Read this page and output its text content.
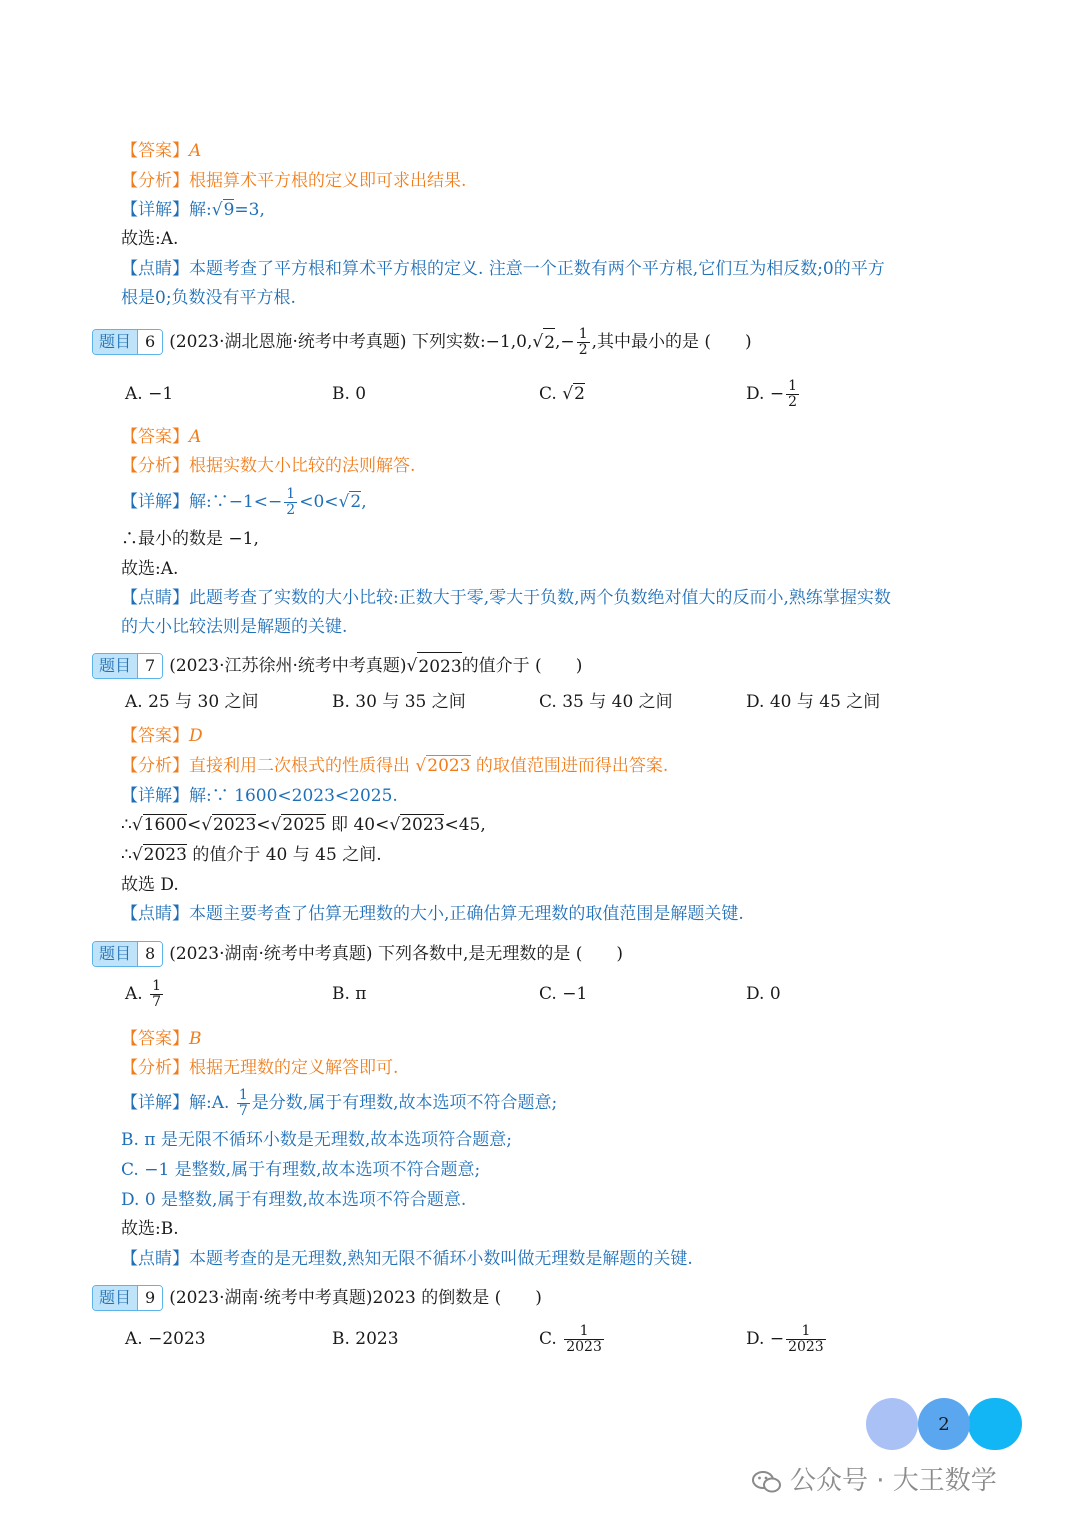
【答案】A
【分析】根据算术平方根的定义即可求出结果.
【详解】解:√9=3,
故选:A.
【点睛】本题考查了平方根和算术平方根的定义. 注意一个正数有两个平方根,它们互为相反数;0的平方
根是0;负数没有平方根.
题目 6 (2023·湖北恩施·统考中考真题) 下列实数:−1,0, √ 2 ,− $\frac{1}{2}$ ,其中最小的是 (　　)
A. −1	B. 0	C. √2	D. − $\frac{1}{2}$
【答案】A
【分析】根据实数大小比较的法则解答.
【详解】解:∵−1<− $\frac{1}{2} <0<√2$,
∴最小的数是 −1,
故选:A.
【点睛】此题考查了实数的大小比较:正数大于零,零大于负数,两个负数绝对值大的反而小,熟练掌握实数
的大小比较法则是解题的关键.
题目 7 (2023·江苏徐州·统考中考真题) √ 2023 的值介于 (　　)
A. 25 与 30 之间	B. 30 与 35 之间	C. 35 与 40 之间	D. 40 与 45 之间
【答案】D
【分析】直接利用二次根式的性质得出 √2023 的取值范围进而得出答案.
【详解】解:∵ 1600<2023<2025.
∴√1600<√2023<√2025 即 40<√2023<45,
∴√2023 的值介于 40 与 45 之间.
故选 D.
【点睛】本题主要考查了估算无理数的大小,正确估算无理数的取值范围是解题关键.
题目 8 (2023·湖南·统考中考真题) 下列各数中,是无理数的是 (　　)
A. $\frac{1}{7}$	B. π	C. −1	D. 0
【答案】B
【分析】根据无理数的定义解答即可.
【详解】解:A. $\frac{1}{7}$ 是分数,属于有理数,故本选项不符合题意;
B. π 是无限不循环小数是无理数,故本选项符合题意;
C. −1 是整数,属于有理数,故本选项不符合题意;
D. 0 是整数,属于有理数,故本选项不符合题意.
故选:B.
【点睛】本题考查的是无理数,熟知无限不循环小数叫做无理数是解题的关键.
题目 9 (2023·湖南·统考中考真题)2023 的倒数是 (　　)
A. −2023	B. 2023	C. $\frac{1}{2023}$	D. − $\frac{1}{2023}$
2
公众号 · 大王数学
